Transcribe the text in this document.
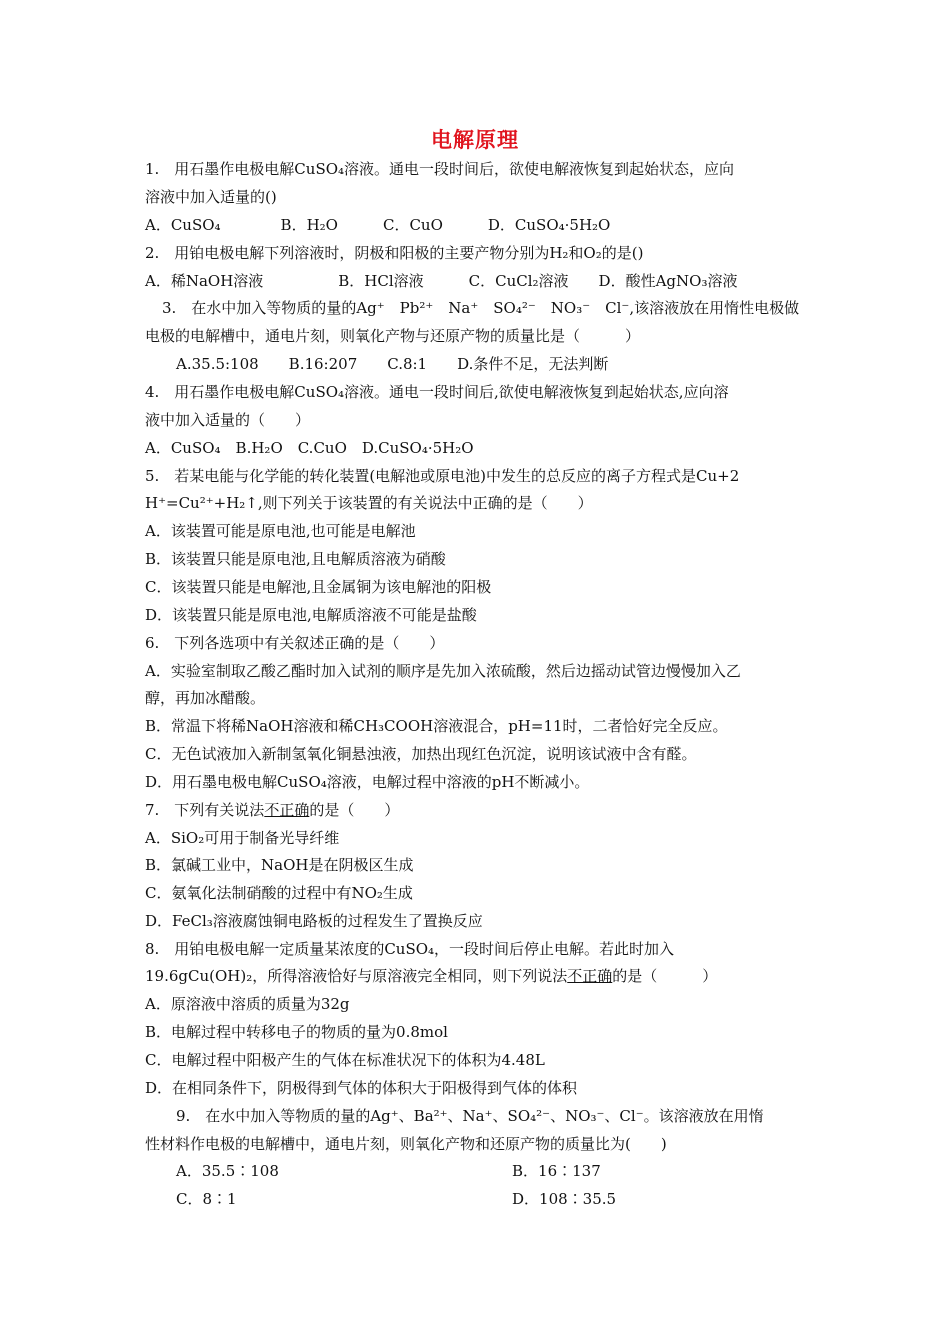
电解原理
1.　用石墨作电极电解CuSO₄溶液。通电一段时间后，欲使电解液恢复到起始状态，应向
溶液中加入适量的()
A．CuSO₄　　　　B．H₂O　　　C．CuO　　　D．CuSO₄·5H₂O
2.　用铂电极电解下列溶液时，阴极和阳极的主要产物分别为H₂和O₂的是()
A．稀NaOH溶液　　　　　B．HCl溶液　　　C．CuCl₂溶液　　D．酸性AgNO₃溶液
3.　在水中加入等物质的量的Ag⁺　Pb²⁺　Na⁺　SO₄²⁻　NO₃⁻　Cl⁻,该溶液放在用惰性电极做
电极的电解槽中，通电片刻，则氧化产物与还原产物的质量比是（　　　）
A.35.5:108　　B.16:207　　C.8:1　　D.条件不足，无法判断
4.　用石墨作电极电解CuSO₄溶液。通电一段时间后,欲使电解液恢复到起始状态,应向溶
液中加入适量的（　　）
A．CuSO₄　B.H₂O　C.CuO　D.CuSO₄·5H₂O
5.　若某电能与化学能的转化装置(电解池或原电池)中发生的总反应的离子方程式是Cu+2
H⁺=Cu²⁺+H₂↑,则下列关于该装置的有关说法中正确的是（　　）
A．该装置可能是原电池,也可能是电解池
B．该装置只能是原电池,且电解质溶液为硝酸
C．该装置只能是电解池,且金属铜为该电解池的阳极
D．该装置只能是原电池,电解质溶液不可能是盐酸
6.　下列各选项中有关叙述正确的是（　　）
A．实验室制取乙酸乙酯时加入试剂的顺序是先加入浓硫酸，然后边摇动试管边慢慢加入乙
醇，再加冰醋酸。
B．常温下将稀NaOH溶液和稀CH₃COOH溶液混合，pH=11时，二者恰好完全反应。
C．无色试液加入新制氢氧化铜悬浊液，加热出现红色沉淀，说明该试液中含有醛。
D．用石墨电极电解CuSO₄溶液，电解过程中溶液的pH不断减小。
7.　下列有关说法不正确的是（　　）
A．SiO₂可用于制备光导纤维
B．氯碱工业中，NaOH是在阴极区生成
C．氨氧化法制硝酸的过程中有NO₂生成
D．FeCl₃溶液腐蚀铜电路板的过程发生了置换反应
8.　用铂电极电解一定质量某浓度的CuSO₄，一段时间后停止电解。若此时加入
19.6gCu(OH)₂，所得溶液恰好与原溶液完全相同，则下列说法不正确的是（　　　）
A．原溶液中溶质的质量为32g
B．电解过程中转移电子的物质的量为0.8mol
C．电解过程中阳极产生的气体在标准状况下的体积为4.48L
D．在相同条件下，阴极得到气体的体积大于阳极得到气体的体积
9.　在水中加入等物质的量的Ag⁺、Ba²⁺、Na⁺、SO₄²⁻、NO₃⁻、Cl⁻。该溶液放在用惰
性材料作电极的电解槽中，通电片刻，则氧化产物和还原产物的质量比为(　　)
A．35.5∶108	B．16∶137
C．8∶1	D．108∶35.5
